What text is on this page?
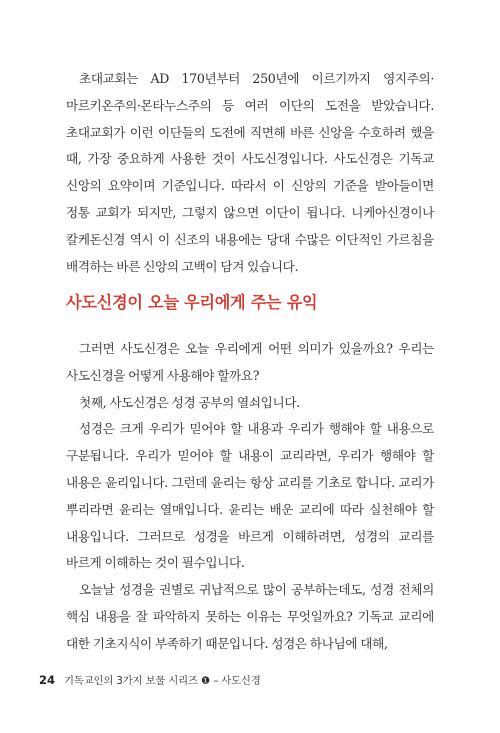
초대교회는 AD 170년부터 250년에 이르기까지 영지주의·마르키온주의·몬타누스주의 등 여러 이단의 도전을 받았습니다. 초대교회가 이런 이단들의 도전에 직면해 바른 신앙을 수호하려 했을 때, 가장 중요하게 사용한 것이 사도신경입니다. 사도신경은 기독교 신앙의 요약이며 기준입니다. 따라서 이 신앙의 기준을 받아들이면 정통 교회가 되지만, 그렇지 않으면 이단이 됩니다. 니케아신경이나 칼케돈신경 역시 이 신조의 내용에는 당대 수많은 이단적인 가르침을 배격하는 바른 신앙의 고백이 담겨 있습니다.

사도신경이 오늘 우리에게 주는 유익

그러면 사도신경은 오늘 우리에게 어떤 의미가 있을까요? 우리는 사도신경을 어떻게 사용해야 할까요?

첫째, 사도신경은 성경 공부의 열쇠입니다.

성경은 크게 우리가 믿어야 할 내용과 우리가 행해야 할 내용으로 구분됩니다. 우리가 믿어야 할 내용이 교리라면, 우리가 행해야 할 내용은 윤리입니다. 그런데 윤리는 항상 교리를 기초로 합니다. 교리가 뿌리라면 윤리는 열매입니다. 윤리는 배운 교리에 따라 실천해야 할 내용입니다. 그러므로 성경을 바르게 이해하려면, 성경의 교리를 바르게 이해하는 것이 필수입니다.

오늘날 성경을 권별로 귀납적으로 많이 공부하는데도, 성경 전체의 핵심 내용을 잘 파악하지 못하는 이유는 무엇일까요? 기독교 교리에 대한 기초지식이 부족하기 때문입니다. 성경은 하나님에 대해,

24 기독교인의 3가지 보물 시리즈 ❶ – 사도신경
